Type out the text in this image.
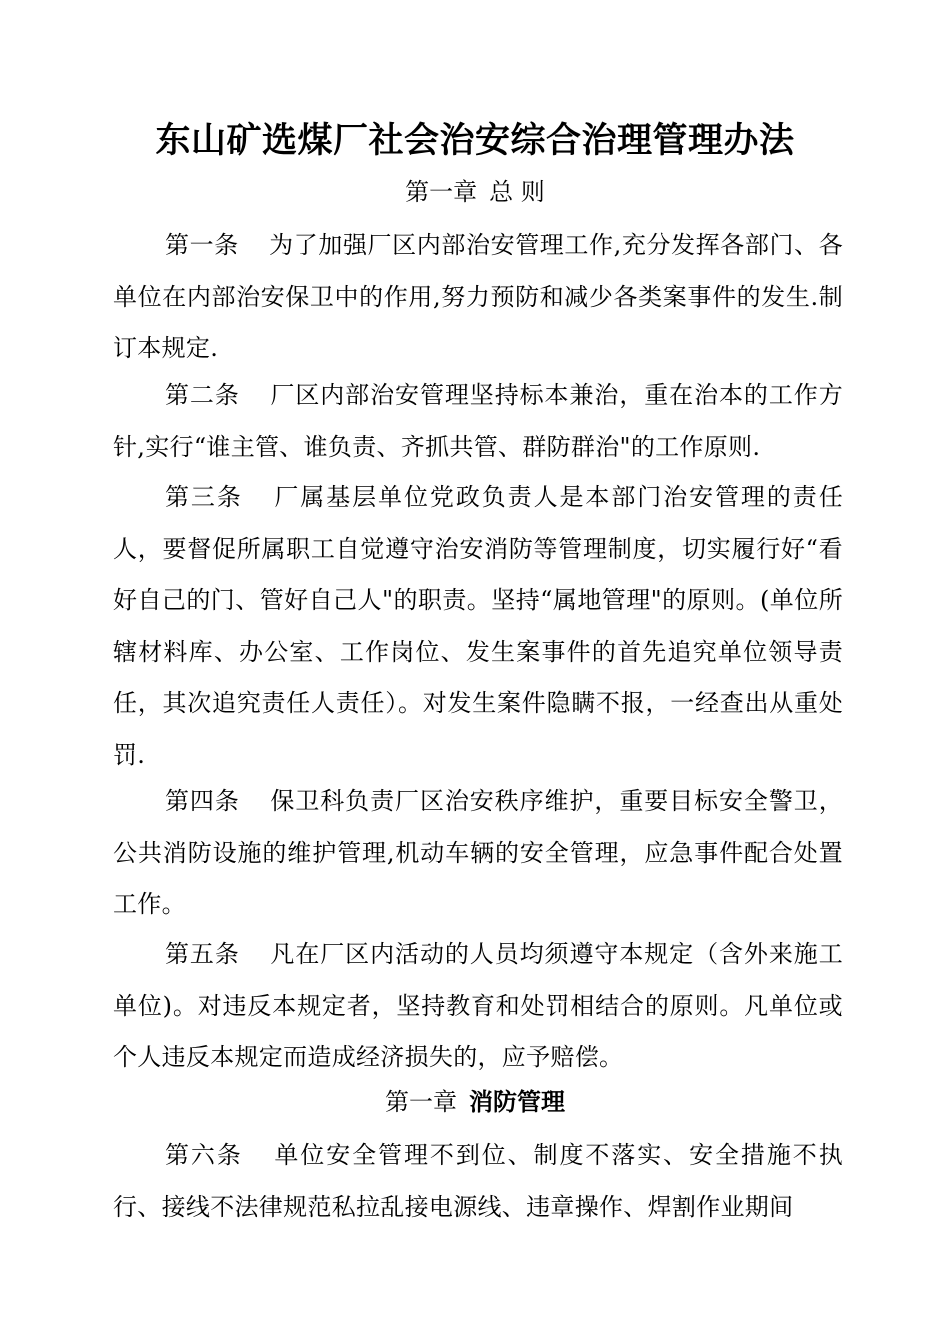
东山矿选煤厂社会治安综合治理管理办法
第一章 总 则
第一条 为了加强厂区内部治安管理工作,充分发挥各部门、各单位在内部治安保卫中的作用,努力预防和减少各类案事件的发生.制订本规定.
第二条 厂区内部治安管理坚持标本兼治，重在治本的工作方针,实行“谁主管、谁负责、齐抓共管、群防群治"的工作原则.
第三条 厂属基层单位党政负责人是本部门治安管理的责任人，要督促所属职工自觉遵守治安消防等管理制度，切实履行好“看好自己的门、管好自己人"的职责。坚持“属地管理"的原则。(单位所辖材料库、办公室、工作岗位、发生案事件的首先追究单位领导责任，其次追究责任人责任）。对发生案件隐瞒不报，一经查出从重处罚.
第四条 保卫科负责厂区治安秩序维护，重要目标安全警卫，公共消防设施的维护管理,机动车辆的安全管理，应急事件配合处置工作。
第五条 凡在厂区内活动的人员均须遵守本规定（含外来施工单位)。对违反本规定者，坚持教育和处罚相结合的原则。凡单位或个人违反本规定而造成经济损失的，应予赔偿。
第一章 消防管理
第六条 单位安全管理不到位、制度不落实、安全措施不执行、接线不法律规范私拉乱接电源线、违章操作、焊割作业期间
